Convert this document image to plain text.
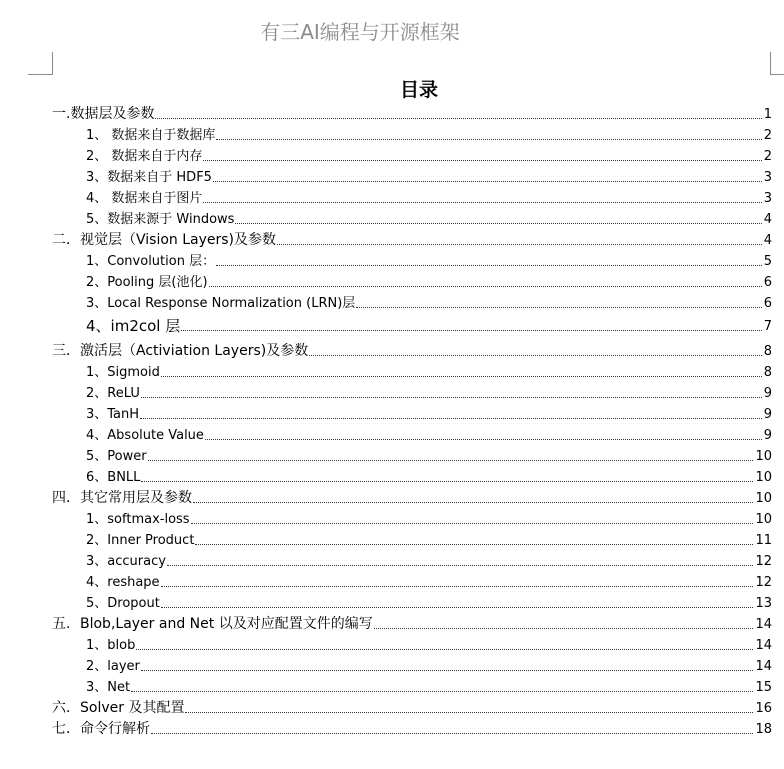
有三AI编程与开源框架
目录
一.数据层及参数	1
1、 数据来自于数据库	2
2、 数据来自于内存	2
3、数据来自于 HDF5	3
4、 数据来自于图片	3
5、数据来源于 Windows	4
二．视觉层（Vision Layers)及参数	4
1、Convolution 层：	5
2、Pooling 层(池化)	6
3、Local Response Normalization (LRN)层	6
4、im2col 层	7
三．激活层（Activiation Layers)及参数	8
1、Sigmoid	8
2、ReLU	9
3、TanH	9
4、Absolute Value	9
5、Power	10
6、BNLL	10
四．其它常用层及参数	10
1、softmax-loss	10
2、Inner Product	11
3、accuracy	12
4、reshape	12
5、Dropout	13
五．Blob,Layer and Net 以及对应配置文件的编写	14
1、blob	14
2、layer	14
3、Net	15
六．Solver 及其配置	16
七．命令行解析	18
